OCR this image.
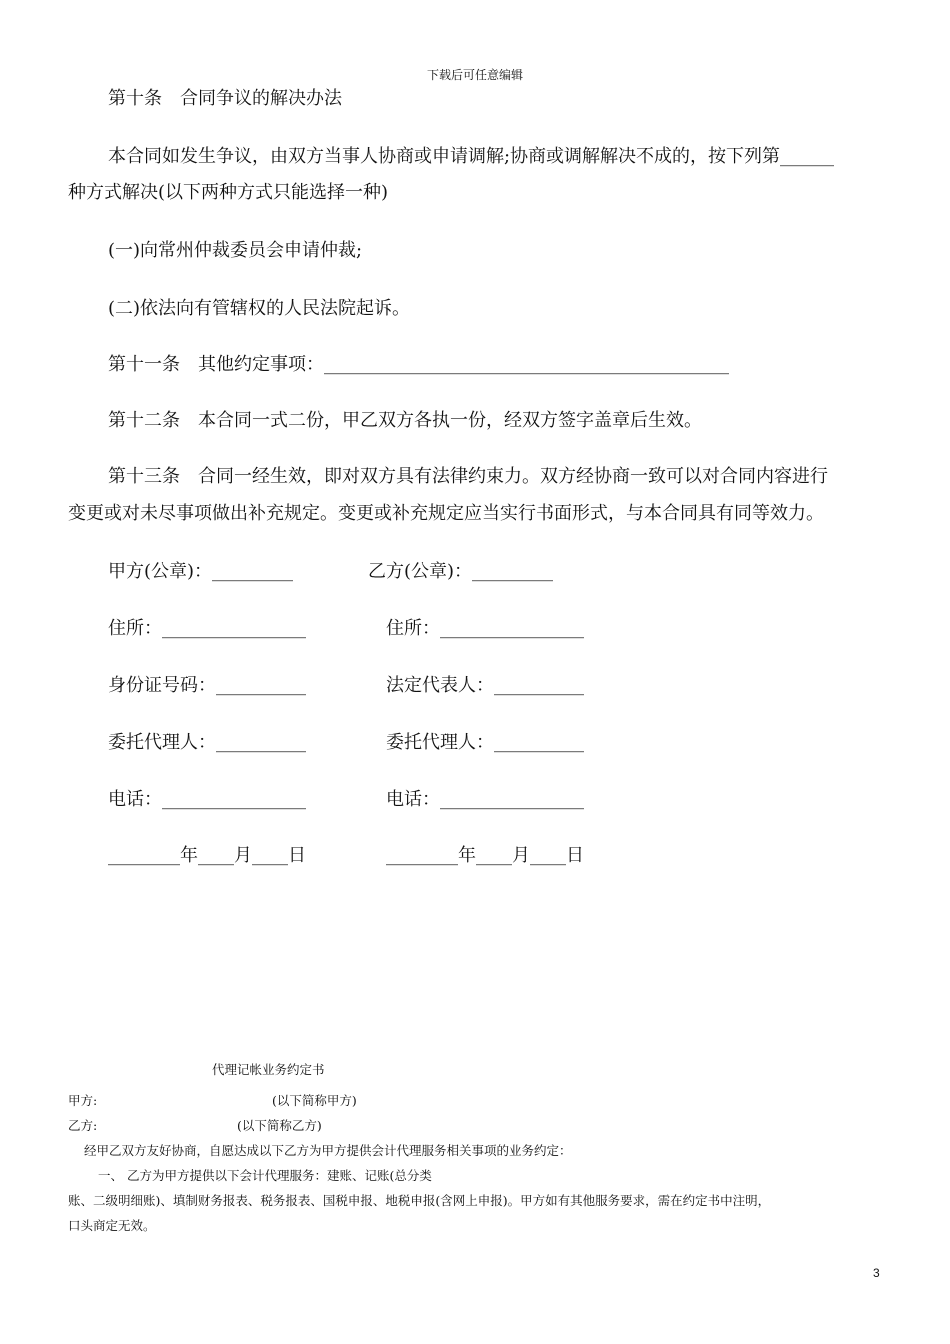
下载后可任意编辑
第十条　合同争议的解决办法
本合同如发生争议，由双方当事人协商或申请调解;协商或调解解决不成的，按下列第______
种方式解决(以下两种方式只能选择一种)
(一)向常州仲裁委员会申请仲裁;
(二)依法向有管辖权的人民法院起诉。
第十一条　其他约定事项：_____________________________________________
第十二条　本合同一式二份，甲乙双方各执一份，经双方签字盖章后生效。
第十三条　合同一经生效，即对双方具有法律约束力。双方经协商一致可以对合同内容进行
变更或对未尽事项做出补充规定。变更或补充规定应当实行书面形式，与本合同具有同等效力。
甲方(公章)：_________	乙方(公章)：_________
住所：________________	住所：________________
身份证号码：__________	法定代表人：__________
委托代理人：__________	委托代理人：__________
电话：________________	电话：________________
________年____月____日	________年____月____日
代理记帐业务约定书
甲方:	(以下简称甲方)
乙方:	(以下简称乙方)
经甲乙双方友好协商，自愿达成以下乙方为甲方提供会计代理服务相关事项的业务约定：
一、 乙方为甲方提供以下会计代理服务：建账、记账(总分类
账、二级明细账)、填制财务报表、税务报表、国税申报、地税申报(含网上申报)。甲方如有其他服务要求，需在约定书中注明，
口头商定无效。
3
